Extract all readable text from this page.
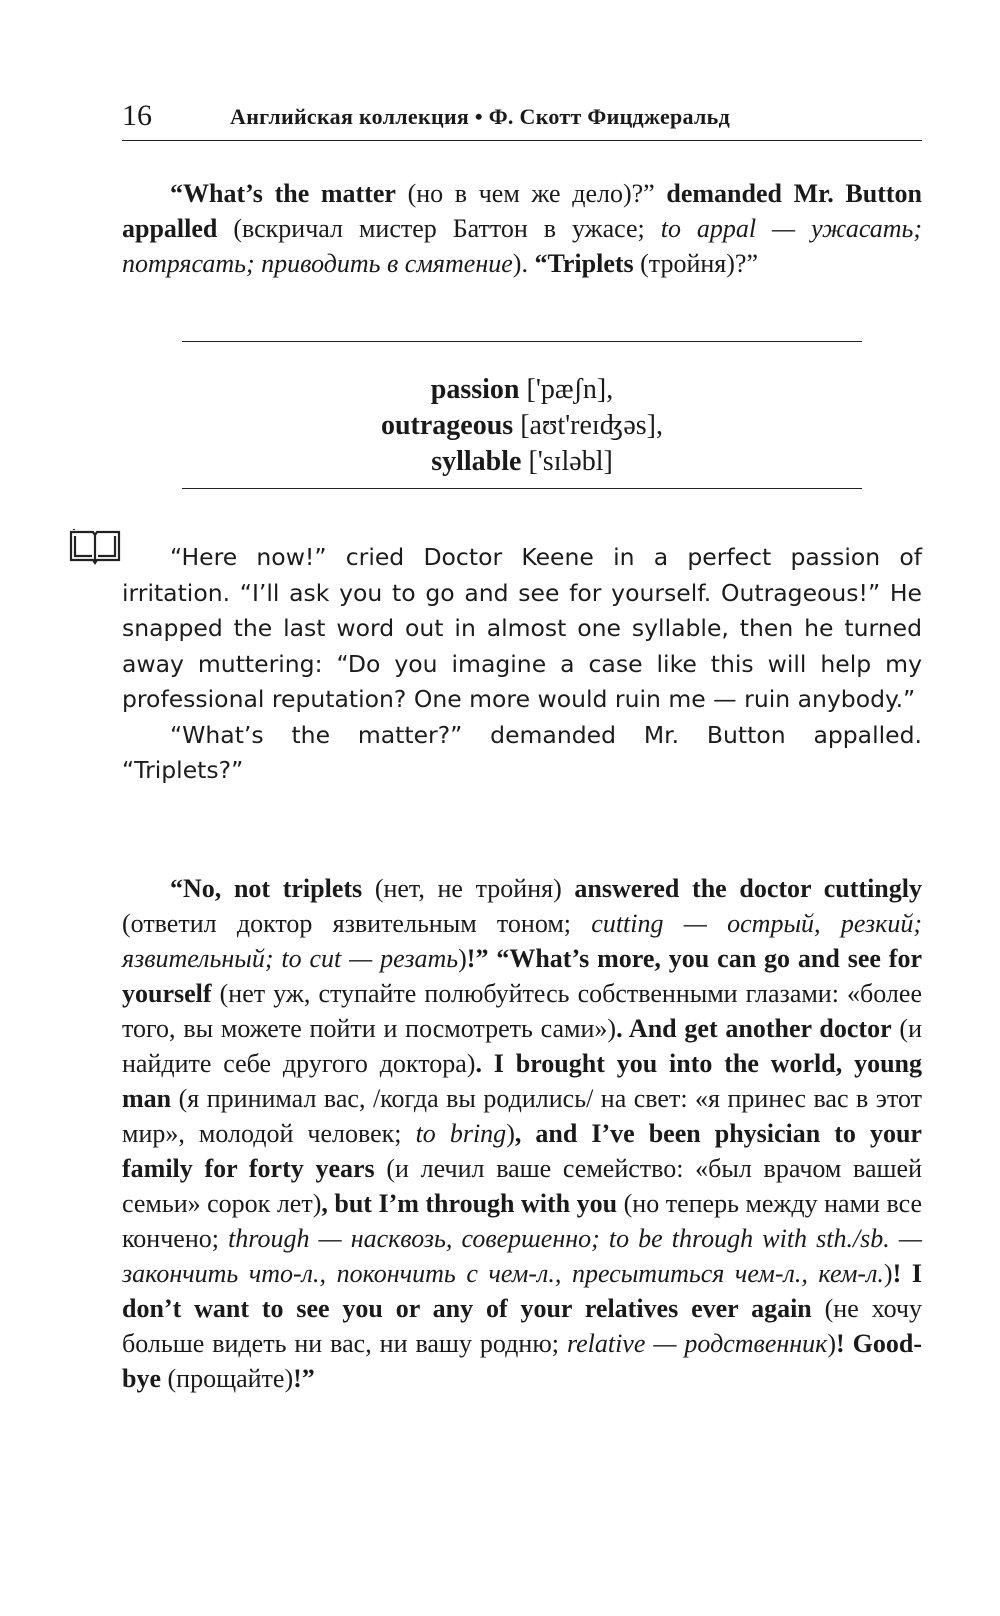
16	Английская коллекция • Ф. Скотт Фицджеральд
“What’s the matter (но в чем же дело)?” demanded Mr. Button appalled (вскричал мистер Баттон в ужасе; to appal — ужасать; потрясать; приводить в смятение). “Triplets (тройня)?”
passion ['pæʃn],
outrageous [aʊt'reɪʤəs],
syllable ['sɪləbl]

“Here now!” cried Doctor Keene in a perfect passion of irritation. “I’ll ask you to go and see for yourself. Outrageous!” He snapped the last word out in almost one syllable, then he turned away muttering: “Do you imagine a case like this will help my professional reputation? One more would ruin me — ruin anybody.”

“What’s the matter?” demanded Mr. Button appalled. “Triplets?”

“No, not triplets (нет, не тройня) answered the doctor cuttingly (ответил доктор язвительным тоном; cutting — острый, резкий; язвительный; to cut — резать)!” “What’s more, you can go and see for yourself (нет уж, ступайте полюбуйтесь собственными глазами: «более того, вы можете пойти и посмотреть сами»). And get another doctor (и найдите себе другого доктора). I brought you into the world, young man (я принимал вас, /когда вы родились/ на свет: «я принес вас в этот мир», молодой человек; to bring), and I’ve been physician to your family for forty years (и лечил ваше семейство: «был врачом вашей семьи» сорок лет), but I’m through with you (но теперь между нами все кончено; through — насквозь, совершенно; to be through with sth./sb. — закончить что-л., покончить с чем-л., пресытиться чем-л., кем-л.)! I don’t want to see you or any of your relatives ever again (не хочу больше видеть ни вас, ни вашу родню; relative — родственник)! Good-bye (прощайте)!”
